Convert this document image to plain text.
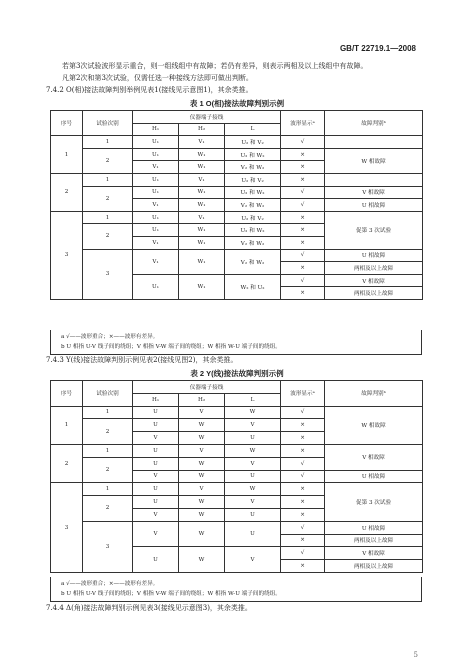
GB/T 22719.1—2008
若第3次试验波形显示重合，则一组线组中有故障；若仍有差异，则表示两相及以上线组中有故障。
凡第2次和第3次试验，仅需任选一种接线方法即可做出判断。
7.4.2 O(相)接法故障判别举例见表1(接线见示意图1)，其余类推。
表 1 O(相)接法故障判别示例
序号	试验次别	仪器端子接线			波形显示ᵃ	故障判别ᵇ
		H₁	H₂	L		
1	1	U₁	V₁	U₂ 和 V₂	√	
	2	U₁	W₁	U₂ 和 W₂	×	W 相故障
		V₁	W₁	V₂ 和 W₂	×	
2	1	U₁	V₁	U₂ 和 V₂	×	
	2	U₁	W₁	U₂ 和 W₂	√	V 相故障
		V₁	W₁	V₂ 和 W₂	√	U 相故障
3	1	U₁	V₁	U₂ 和 V₂	×	促第 3 次试验
	2	U₁	W₁	U₂ 和 W₂	×	
		V₁	W₁	V₂ 和 W₂	×	
	3	V₁	W₁	V₂ 和 W₂	√	U 相故障
					×	两相及以上故障
		U₁	W₁	W₂ 和 U₂	√	V 相故障
					×	两相及以上故障
a √——波形重合；×——波形有差异。
b U 相指 U-V 线子间的绕组；V 相指 V-W 端子间的绕组；W 相指 W-U 端子间的绕组。
7.4.3 Y(线)接法故障判别示例见表2(接线见图2)，其余类推。
表 2 Y(线)接法故障判别示例
序号	试验次别	仪器端子接线			波形显示ᵃ	故障判别ᵇ
		H₁	H₂	L		
1	1	U	V	W	√	W 相故障
	2	U	W	V	×	
		V	W	U	×	
2	1	U	V	W	×	V 相故障
	2	U	W	V	√	
		V	W	U	√	U 相故障
3	1	U	V	W	×	促第 3 次试验
	2	U	W	V	×	
		V	W	U	×	
	3	V	W	U	√	U 相故障
					×	两相及以上故障
		U	W	V	√	V 相故障
					×	两相及以上故障
a √——波形重合；×——波形有差异。
b U 相指 U-V 线子间的绕组；V 相指 V-W 端子间的绕组；W 相指 W-U 端子间的绕组。
7.4.4 Δ(角)接法故障判别示例见表3(接线见示意图3)，其余类推。
5
